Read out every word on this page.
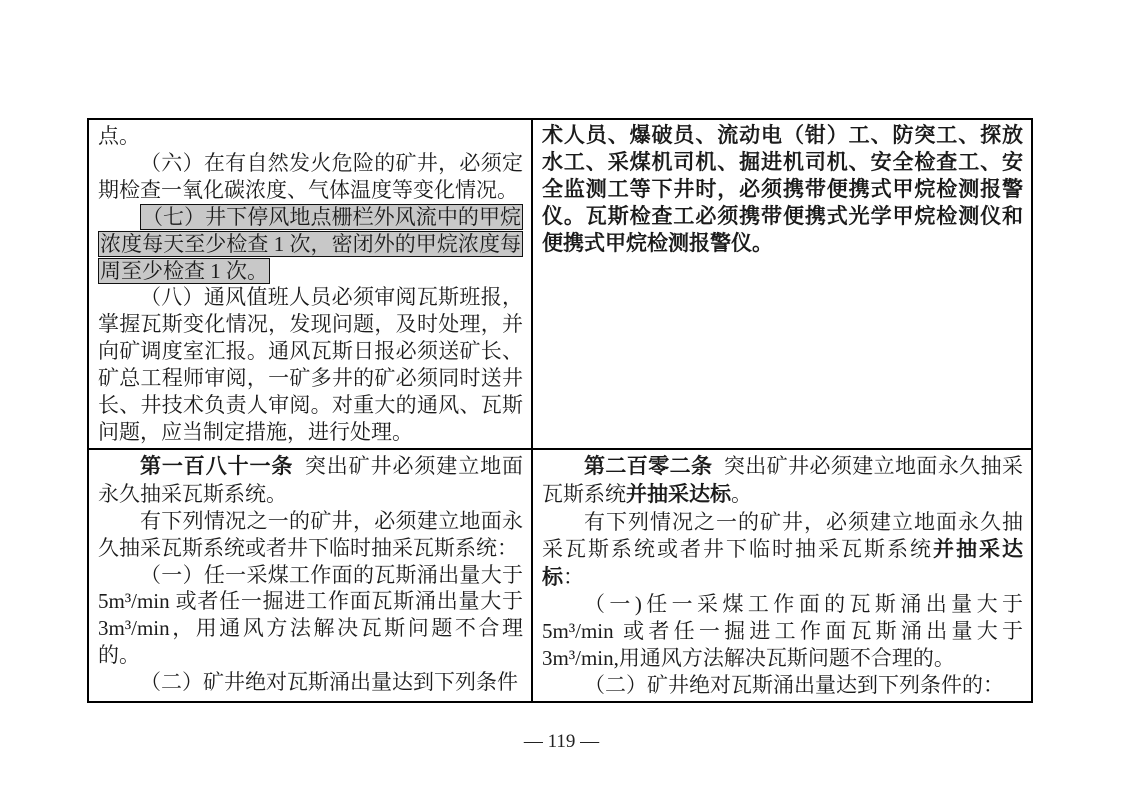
点。

（六）在有自然发火危险的矿井，必须定期检查一氧化碳浓度、气体温度等变化情况。

（七）井下停风地点栅栏外风流中的甲烷浓度每天至少检查 1 次，密闭外的甲烷浓度每周至少检查 1 次。

（八）通风值班人员必须审阅瓦斯班报，掌握瓦斯变化情况，发现问题，及时处理，并向矿调度室汇报。通风瓦斯日报必须送矿长、矿总工程师审阅，一矿多井的矿必须同时送井长、井技术负责人审阅。对重大的通风、瓦斯问题，应当制定措施，进行处理。

术人员、爆破员、流动电（钳）工、防突工、探放水工、采煤机司机、掘进机司机、安全检查工、安全监测工等下井时，必须携带便携式甲烷检测报警仪。瓦斯检查工必须携带便携式光学甲烷检测仪和便携式甲烷检测报警仪。

第一百八十一条 突出矿井必须建立地面永久抽采瓦斯系统。

有下列情况之一的矿井，必须建立地面永久抽采瓦斯系统或者井下临时抽采瓦斯系统：

（一）任一采煤工作面的瓦斯涌出量大于 5m³/min 或者任一掘进工作面瓦斯涌出量大于 3m³/min，用通风方法解决瓦斯问题不合理的。

（二）矿井绝对瓦斯涌出量达到下列条件

第二百零二条 突出矿井必须建立地面永久抽采瓦斯系统并抽采达标。

有下列情况之一的矿井，必须建立地面永久抽采瓦斯系统或者井下临时抽采瓦斯系统并抽采达标：

（一)任一采煤工作面的瓦斯涌出量大于 5m³/min 或者任一掘进工作面瓦斯涌出量大于 3m³/min,用通风方法解决瓦斯问题不合理的。

（二）矿井绝对瓦斯涌出量达到下列条件的：

— 119 —
